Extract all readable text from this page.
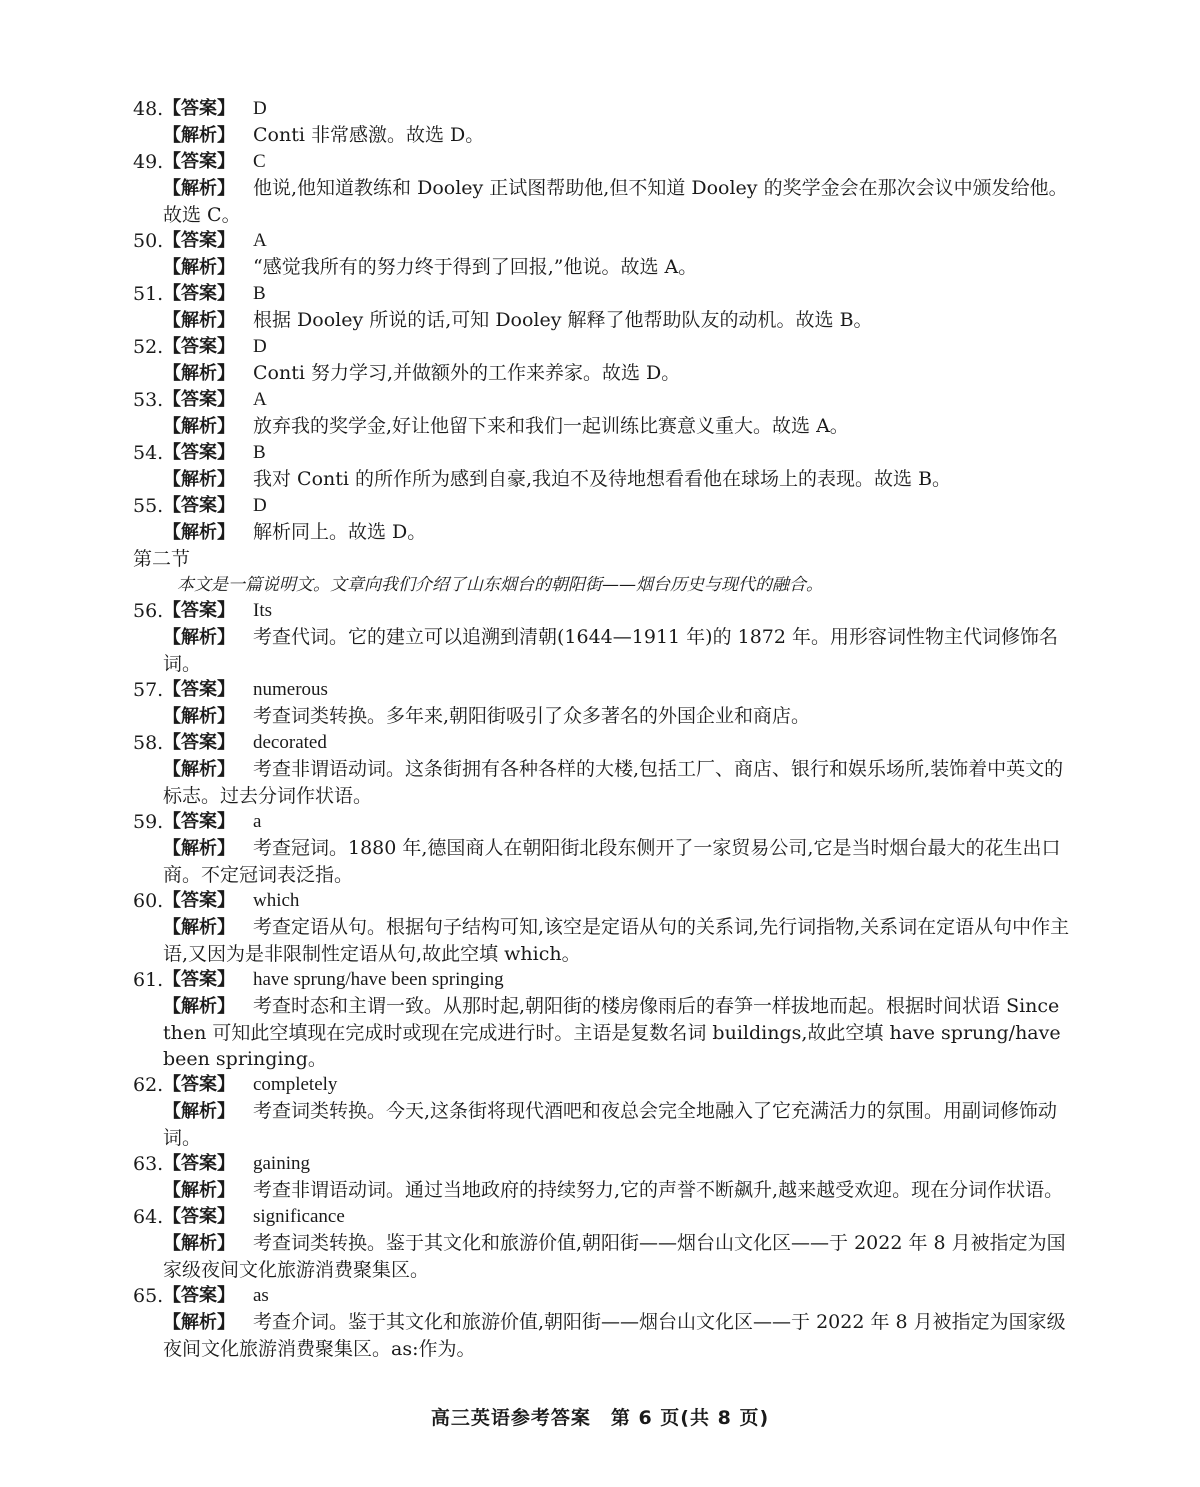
48. 【答案】 D
【解析】 Conti 非常感激。故选 D。
49. 【答案】 C
【解析】 他说,他知道教练和 Dooley 正试图帮助他,但不知道 Dooley 的奖学金会在那次会议中颁发给他。故选 C。
50. 【答案】 A
【解析】 “感觉我所有的努力终于得到了回报,”他说。故选 A。
51. 【答案】 B
【解析】 根据 Dooley 所说的话,可知 Dooley 解释了他帮助队友的动机。故选 B。
52. 【答案】 D
【解析】 Conti 努力学习,并做额外的工作来养家。故选 D。
53. 【答案】 A
【解析】 放弃我的奖学金,好让他留下来和我们一起训练比赛意义重大。故选 A。
54. 【答案】 B
【解析】 我对 Conti 的所作所为感到自豪,我迫不及待地想看看他在球场上的表现。故选 B。
55. 【答案】 D
【解析】 解析同上。故选 D。
第二节
本文是一篇说明文。文章向我们介绍了山东烟台的朝阳街——烟台历史与现代的融合。
56. 【答案】 Its
【解析】 考查代词。它的建立可以追溯到清朝(1644—1911 年)的 1872 年。用形容词性物主代词修饰名词。
57. 【答案】 numerous
【解析】 考查词类转换。多年来,朝阳街吸引了众多著名的外国企业和商店。
58. 【答案】 decorated
【解析】 考查非谓语动词。这条街拥有各种各样的大楼,包括工厂、商店、银行和娱乐场所,装饰着中英文的标志。过去分词作状语。
59. 【答案】 a
【解析】 考查冠词。1880 年,德国商人在朝阳街北段东侧开了一家贸易公司,它是当时烟台最大的花生出口商。不定冠词表泛指。
60. 【答案】 which
【解析】 考查定语从句。根据句子结构可知,该空是定语从句的关系词,先行词指物,关系词在定语从句中作主语,又因为是非限制性定语从句,故此空填 which。
61. 【答案】 have sprung/have been springing
【解析】 考查时态和主谓一致。从那时起,朝阳街的楼房像雨后的春笋一样拔地而起。根据时间状语 Since then 可知此空填现在完成时或现在完成进行时。主语是复数名词 buildings,故此空填 have sprung/have been springing。
62. 【答案】 completely
【解析】 考查词类转换。今天,这条街将现代酒吧和夜总会完全地融入了它充满活力的氛围。用副词修饰动词。
63. 【答案】 gaining
【解析】 考查非谓语动词。通过当地政府的持续努力,它的声誉不断飙升,越来越受欢迎。现在分词作状语。
64. 【答案】 significance
【解析】 考查词类转换。鉴于其文化和旅游价值,朝阳街——烟台山文化区——于 2022 年 8 月被指定为国家级夜间文化旅游消费聚集区。
65. 【答案】 as
【解析】 考查介词。鉴于其文化和旅游价值,朝阳街——烟台山文化区——于 2022 年 8 月被指定为国家级夜间文化旅游消费聚集区。as:作为。
高三英语参考答案　第 6 页(共 8 页)
